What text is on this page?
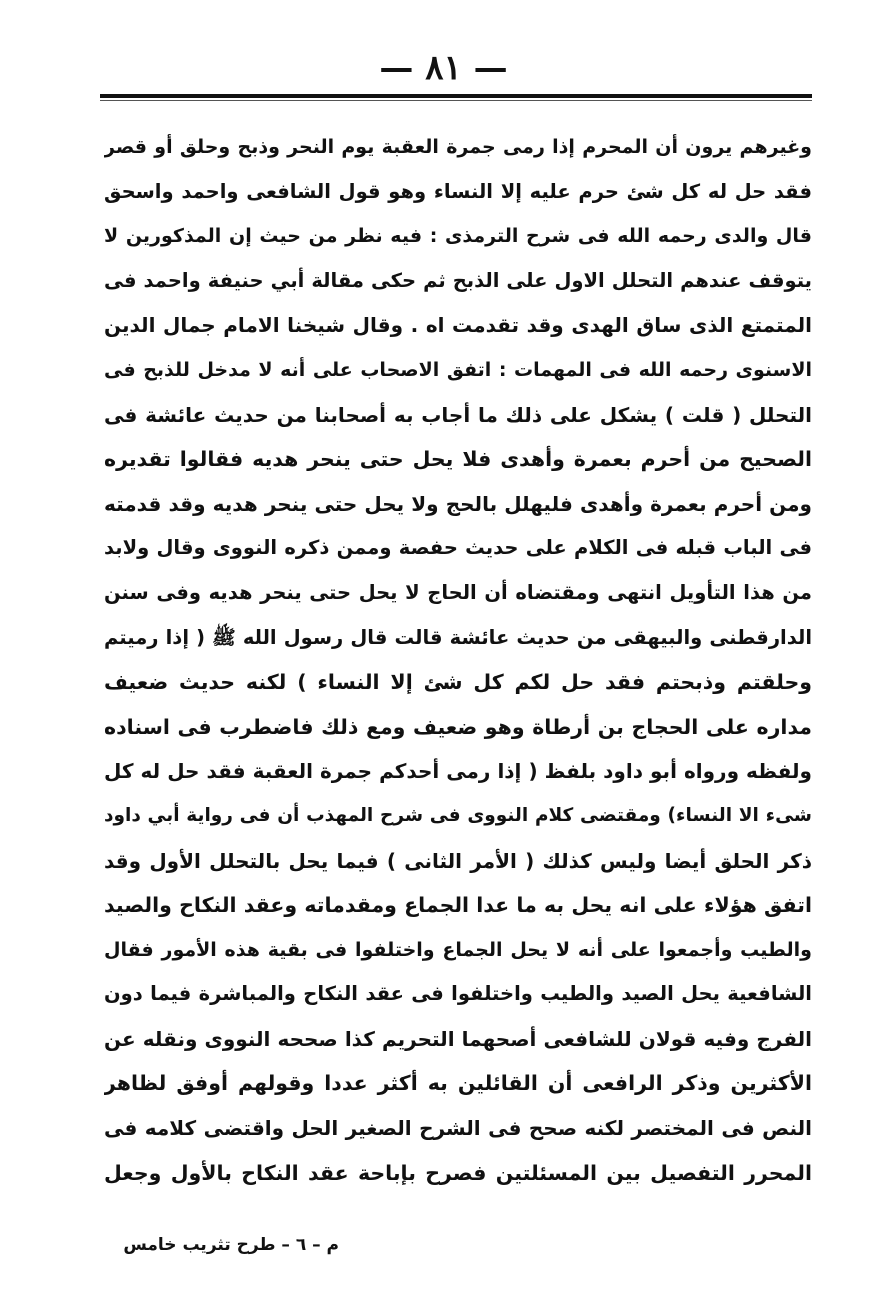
— ٨١ —
وغيرهم يرون أن المحرم إذا رمى جمرة العقبة يوم النحر وذبح وحلق أو قصر
فقد حل له كل شئ حرم عليه إلا النساء وهو قول الشافعى واحمد واسحق
قال والدى رحمه الله فى شرح الترمذى : فيه نظر من حيث إن المذكورين لا
يتوقف عندهم التحلل الاول على الذبح ثم حكى مقالة أبي حنيفة واحمد فى
المتمتع الذى ساق الهدى وقد تقدمت اه . وقال شيخنا الامام جمال الدين
الاسنوى رحمه الله فى المهمات : اتفق الاصحاب على أنه لا مدخل للذبح فى
التحلل ( قلت ) يشكل على ذلك ما أجاب به أصحابنا من حديث عائشة فى
الصحيح من أحرم بعمرة وأهدى فلا يحل حتى ينحر هديه فقالوا تقديره
ومن أحرم بعمرة وأهدى فليهلل بالحج ولا يحل حتى ينحر هديه وقد قدمته
فى الباب قبله فى الكلام على حديث حفصة وممن ذكره النووى وقال ولابد
من هذا التأويل انتهى ومقتضاه أن الحاج لا يحل حتى ينحر هديه وفى سنن
الدارقطنى والبيهقى من حديث عائشة قالت قال رسول الله ﷺ ( إذا رميتم
وحلقتم وذبحتم فقد حل لكم كل شئ إلا النساء ) لكنه حديث ضعيف
مداره على الحجاج بن أرطاة وهو ضعيف ومع ذلك فاضطرب فى اسناده
ولفظه ورواه أبو داود بلفظ ( إذا رمى أحدكم جمرة العقبة فقد حل له كل
شىء الا النساء) ومقتضى كلام النووى فى شرح المهذب أن فى رواية أبي داود
ذكر الحلق أيضا وليس كذلك ( الأمر الثانى ) فيما يحل بالتحلل الأول وقد
اتفق هؤلاء على انه يحل به ما عدا الجماع ومقدماته وعقد النكاح والصيد
والطيب وأجمعوا على أنه لا يحل الجماع واختلفوا فى بقية هذه الأمور فقال
الشافعية يحل الصيد والطيب واختلفوا فى عقد النكاح والمباشرة فيما دون
الفرج وفيه قولان للشافعى أصحهما التحريم كذا صححه النووى ونقله عن
الأكثرين وذكر الرافعى أن القائلين به أكثر عددا وقولهم أوفق لظاهر
النص فى المختصر لكنه صحح فى الشرح الصغير الحل واقتضى كلامه فى
المحرر التفصيل بين المسئلتين فصرح بإباحة عقد النكاح بالأول وجعل
م – ٦ – طرح تثريب خامس
